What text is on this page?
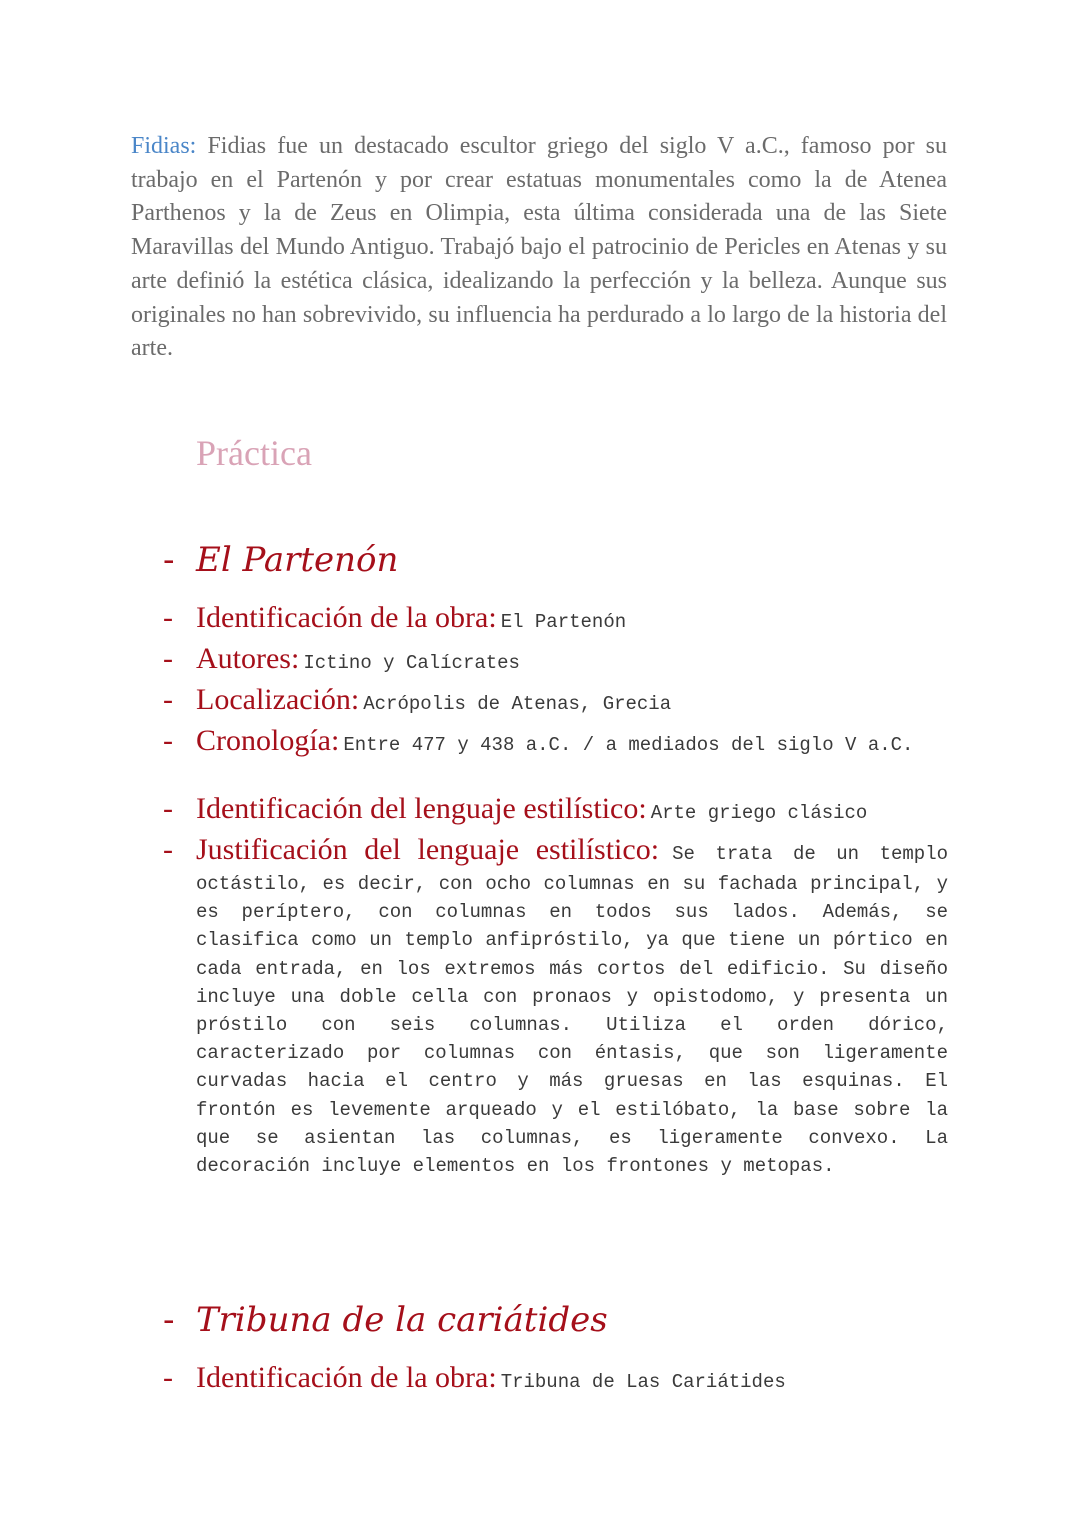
Fidias: Fidias fue un destacado escultor griego del siglo V a.C., famoso por su trabajo en el Partenón y por crear estatuas monumentales como la de Atenea Parthenos y la de Zeus en Olimpia, esta última considerada una de las Siete Maravillas del Mundo Antiguo. Trabajó bajo el patrocinio de Pericles en Atenas y su arte definió la estética clásica, idealizando la perfección y la belleza. Aunque sus originales no han sobrevivido, su influencia ha perdurado a lo largo de la historia del arte.

Práctica
- El Partenón
- Identificación de la obra: El Partenón
- Autores: Ictino y Calícrates
- Localización: Acrópolis de Atenas, Grecia
- Cronología: Entre 477 y 438 a.C. / a mediados del siglo V a.C.
- Identificación del lenguaje estilístico: Arte griego clásico
- Justificación del lenguaje estilístico: Se trata de un templo octástilo, es decir, con ocho columnas en su fachada principal, y es períptero, con columnas en todos sus lados. Además, se clasifica como un templo anfipróstilo, ya que tiene un pórtico en cada entrada, en los extremos más cortos del edificio. Su diseño incluye una doble cella con pronaos y opistodomo, y presenta un próstilo con seis columnas. Utiliza el orden dórico, caracterizado por columnas con éntasis, que son ligeramente curvadas hacia el centro y más gruesas en las esquinas. El frontón es levemente arqueado y el estilóbato, la base sobre la que se asientan las columnas, es ligeramente convexo. La decoración incluye elementos en los frontones y metopas.
- Tribuna de la cariátides
- Identificación de la obra: Tribuna de Las Cariátides
